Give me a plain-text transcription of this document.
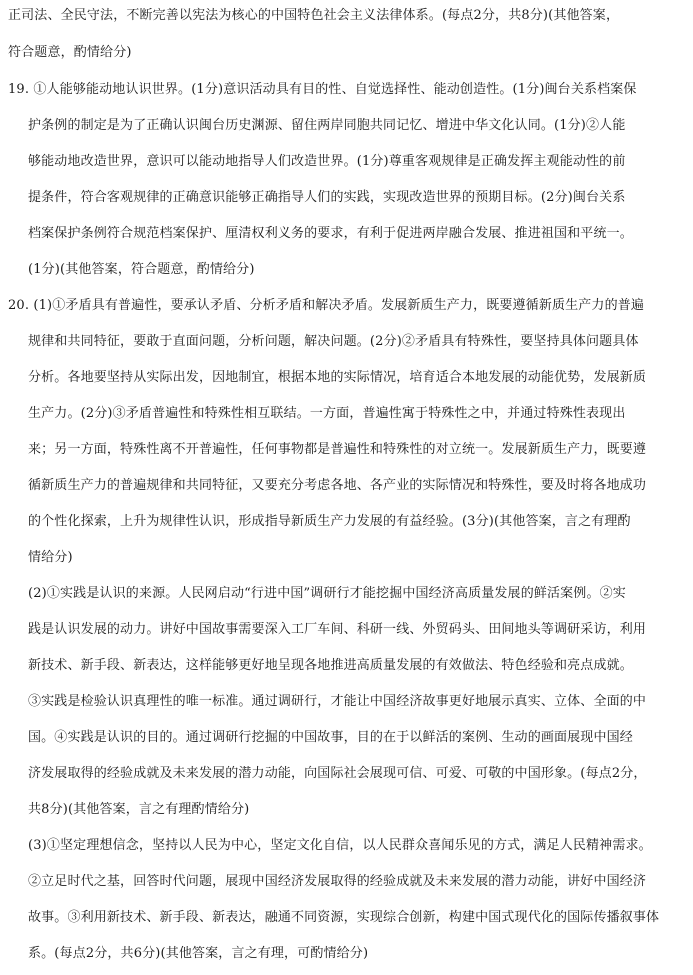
正司法、全民守法，不断完善以宪法为核心的中国特色社会主义法律体系。(每点2分，共8分)(其他答案，
符合题意，酌情给分)
19. ①人能够能动地认识世界。(1分)意识活动具有目的性、自觉选择性、能动创造性。(1分)闽台关系档案保
护条例的制定是为了正确认识闽台历史渊源、留住两岸同胞共同记忆、增进中华文化认同。(1分)②人能
够能动地改造世界，意识可以能动地指导人们改造世界。(1分)尊重客观规律是正确发挥主观能动性的前
提条件，符合客观规律的正确意识能够正确指导人们的实践，实现改造世界的预期目标。(2分)闽台关系
档案保护条例符合规范档案保护、厘清权利义务的要求，有利于促进两岸融合发展、推进祖国和平统一。
(1分)(其他答案，符合题意，酌情给分)
20. (1)①矛盾具有普遍性，要承认矛盾、分析矛盾和解决矛盾。发展新质生产力，既要遵循新质生产力的普遍
规律和共同特征，要敢于直面问题，分析问题，解决问题。(2分)②矛盾具有特殊性，要坚持具体问题具体
分析。各地要坚持从实际出发，因地制宜，根据本地的实际情况，培育适合本地发展的动能优势，发展新质
生产力。(2分)③矛盾普遍性和特殊性相互联结。一方面，普遍性寓于特殊性之中，并通过特殊性表现出
来；另一方面，特殊性离不开普遍性，任何事物都是普遍性和特殊性的对立统一。发展新质生产力，既要遵
循新质生产力的普遍规律和共同特征，又要充分考虑各地、各产业的实际情况和特殊性，要及时将各地成功
的个性化探索，上升为规律性认识，形成指导新质生产力发展的有益经验。(3分)(其他答案，言之有理酌
情给分)
(2)①实践是认识的来源。人民网启动“行进中国”调研行才能挖掘中国经济高质量发展的鲜活案例。②实
践是认识发展的动力。讲好中国故事需要深入工厂车间、科研一线、外贸码头、田间地头等调研采访，利用
新技术、新手段、新表达，这样能够更好地呈现各地推进高质量发展的有效做法、特色经验和亮点成就。
③实践是检验认识真理性的唯一标准。通过调研行，才能让中国经济故事更好地展示真实、立体、全面的中
国。④实践是认识的目的。通过调研行挖掘的中国故事，目的在于以鲜活的案例、生动的画面展现中国经
济发展取得的经验成就及未来发展的潜力动能，向国际社会展现可信、可爱、可敬的中国形象。(每点2分，
共8分)(其他答案，言之有理酌情给分)
(3)①坚定理想信念，坚持以人民为中心，坚定文化自信，以人民群众喜闻乐见的方式，满足人民精神需求。
②立足时代之基，回答时代问题，展现中国经济发展取得的经验成就及未来发展的潜力动能，讲好中国经济
故事。③利用新技术、新手段、新表达，融通不同资源，实现综合创新，构建中国式现代化的国际传播叙事体
系。(每点2分，共6分)(其他答案，言之有理，可酌情给分)
